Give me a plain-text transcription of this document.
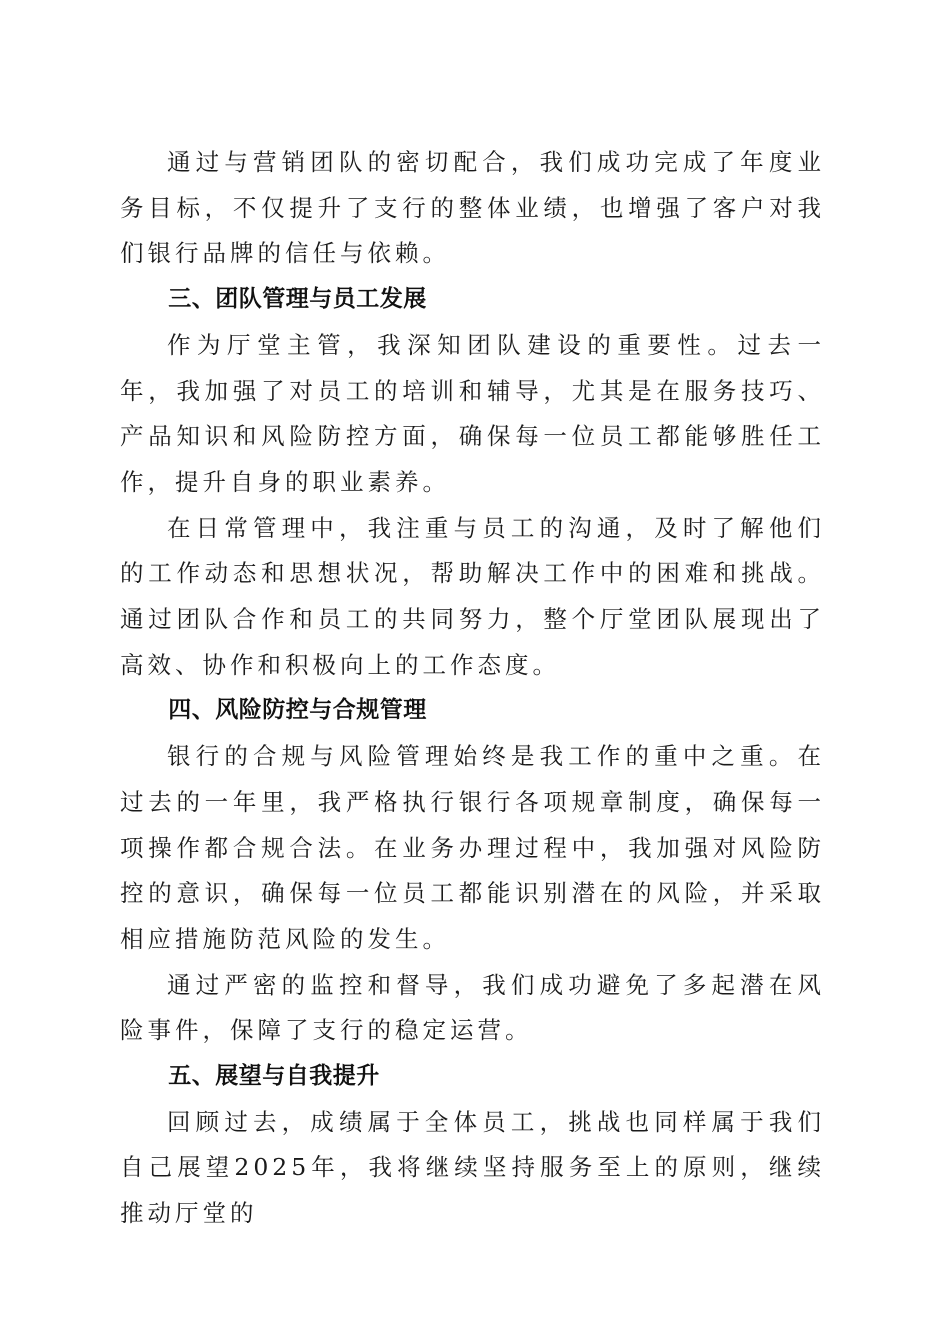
通过与营销团队的密切配合，我们成功完成了年度业务目标，不仅提升了支行的整体业绩，也增强了客户对我们银行品牌的信任与依赖。

三、团队管理与员工发展

作为厅堂主管，我深知团队建设的重要性。过去一年，我加强了对员工的培训和辅导，尤其是在服务技巧、产品知识和风险防控方面，确保每一位员工都能够胜任工作，提升自身的职业素养。

在日常管理中，我注重与员工的沟通，及时了解他们的工作动态和思想状况，帮助解决工作中的困难和挑战。通过团队合作和员工的共同努力，整个厅堂团队展现出了高效、协作和积极向上的工作态度。

四、风险防控与合规管理

银行的合规与风险管理始终是我工作的重中之重。在过去的一年里，我严格执行银行各项规章制度，确保每一项操作都合规合法。在业务办理过程中，我加强对风险防控的意识，确保每一位员工都能识别潜在的风险，并采取相应措施防范风险的发生。

通过严密的监控和督导，我们成功避免了多起潜在风险事件，保障了支行的稳定运营。

五、展望与自我提升

回顾过去，成绩属于全体员工，挑战也同样属于我们自己展望2025年，我将继续坚持服务至上的原则，继续推动厅堂的
